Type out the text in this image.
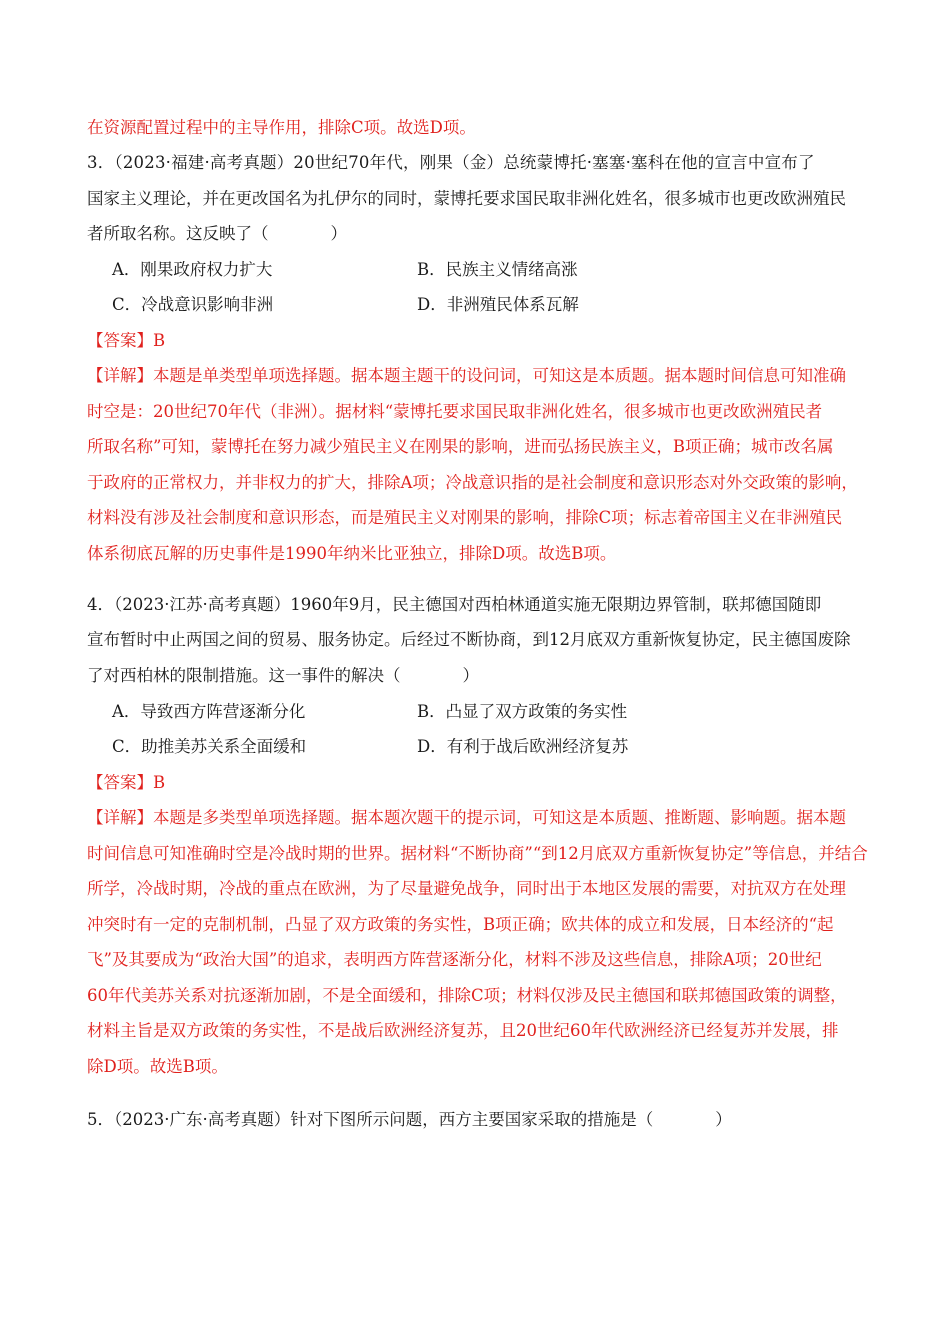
在资源配置过程中的主导作用，排除C项。故选D项。
3．（2023·福建·高考真题）20世纪70年代，刚果（金）总统蒙博托·塞塞·塞科在他的宣言中宣布了
国家主义理论，并在更改国名为扎伊尔的同时，蒙博托要求国民取非洲化姓名，很多城市也更改欧洲殖民
者所取名称。这反映了（	）
A．刚果政府权力扩大	B．民族主义情绪高涨
C．冷战意识影响非洲	D．非洲殖民体系瓦解
【答案】B
【详解】本题是单类型单项选择题。据本题主题干的设问词，可知这是本质题。据本题时间信息可知准确
时空是：20世纪70年代（非洲）。据材料“蒙博托要求国民取非洲化姓名，很多城市也更改欧洲殖民者
所取名称”可知，蒙博托在努力减少殖民主义在刚果的影响，进而弘扬民族主义，B项正确；城市改名属
于政府的正常权力，并非权力的扩大，排除A项；冷战意识指的是社会制度和意识形态对外交政策的影响，
材料没有涉及社会制度和意识形态，而是殖民主义对刚果的影响，排除C项；标志着帝国主义在非洲殖民
体系彻底瓦解的历史事件是1990年纳米比亚独立，排除D项。故选B项。
4．（2023·江苏·高考真题）1960年9月，民主德国对西柏林通道实施无限期边界管制，联邦德国随即
宣布暂时中止两国之间的贸易、服务协定。后经过不断协商，到12月底双方重新恢复协定，民主德国废除
了对西柏林的限制措施。这一事件的解决（	）
A．导致西方阵营逐渐分化	B．凸显了双方政策的务实性
C．助推美苏关系全面缓和	D．有利于战后欧洲经济复苏
【答案】B
【详解】本题是多类型单项选择题。据本题次题干的提示词，可知这是本质题、推断题、影响题。据本题
时间信息可知准确时空是冷战时期的世界。据材料“不断协商”“到12月底双方重新恢复协定”等信息，并结合
所学，冷战时期，冷战的重点在欧洲，为了尽量避免战争，同时出于本地区发展的需要，对抗双方在处理
冲突时有一定的克制机制，凸显了双方政策的务实性，B项正确；欧共体的成立和发展，日本经济的“起
飞”及其要成为“政治大国”的追求，表明西方阵营逐渐分化，材料不涉及这些信息，排除A项；20世纪
60年代美苏关系对抗逐渐加剧，不是全面缓和，排除C项；材料仅涉及民主德国和联邦德国政策的调整，
材料主旨是双方政策的务实性，不是战后欧洲经济复苏，且20世纪60年代欧洲经济已经复苏并发展，排
除D项。故选B项。
5．（2023·广东·高考真题）针对下图所示问题，西方主要国家采取的措施是（	）
